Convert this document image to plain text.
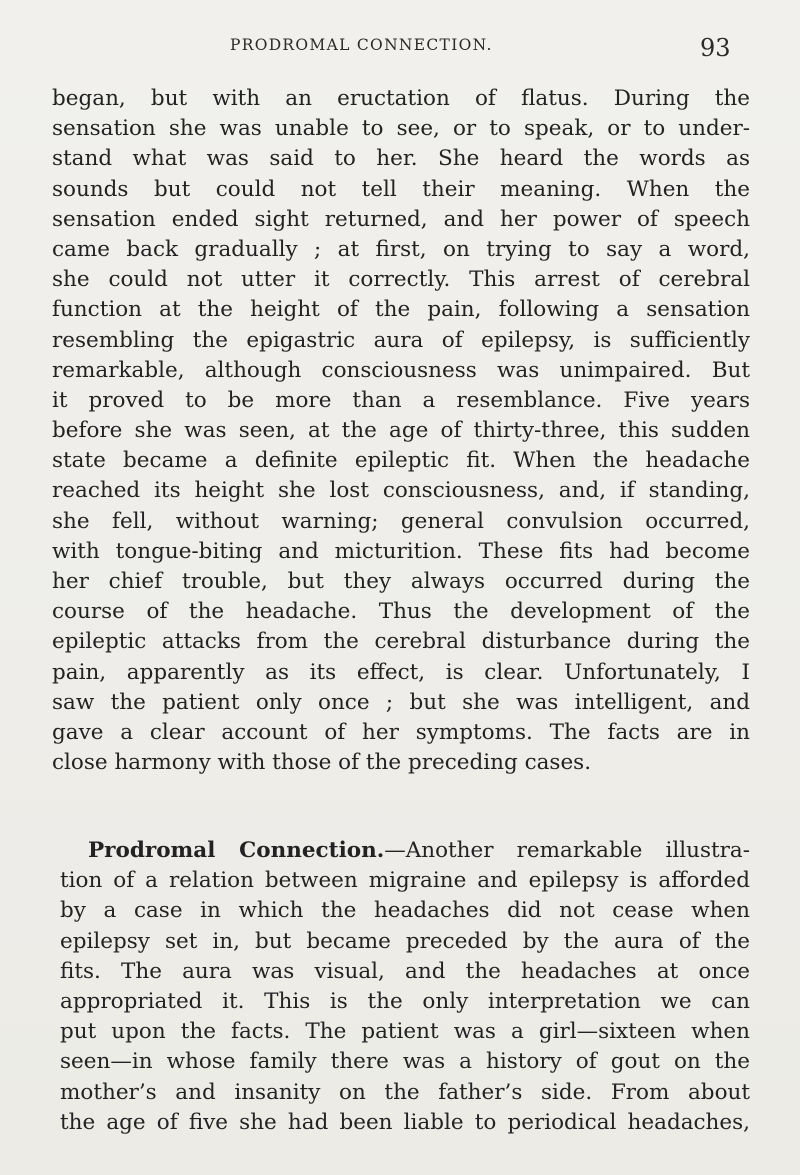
PRODROMAL CONNECTION.	93
began, but with an eructation of flatus. During the
sensation she was unable to see, or to speak, or to under-
stand what was said to her. She heard the words as
sounds but could not tell their meaning. When the
sensation ended sight returned, and her power of speech
came back gradually ; at first, on trying to say a word,
she could not utter it correctly. This arrest of cerebral
function at the height of the pain, following a sensation
resembling the epigastric aura of epilepsy, is sufficiently
remarkable, although consciousness was unimpaired. But
it proved to be more than a resemblance. Five years
before she was seen, at the age of thirty-three, this sudden
state became a definite epileptic fit. When the headache
reached its height she lost consciousness, and, if standing,
she fell, without warning; general convulsion occurred,
with tongue-biting and micturition. These fits had become
her chief trouble, but they always occurred during the
course of the headache. Thus the development of the
epileptic attacks from the cerebral disturbance during the
pain, apparently as its effect, is clear. Unfortunately, I
saw the patient only once ; but she was intelligent, and
gave a clear account of her symptoms. The facts are in
close harmony with those of the preceding cases.
Prodromal Connection.—Another remarkable illustra-
tion of a relation between migraine and epilepsy is afforded
by a case in which the headaches did not cease when
epilepsy set in, but became preceded by the aura of the
fits. The aura was visual, and the headaches at once
appropriated it. This is the only interpretation we can
put upon the facts. The patient was a girl—sixteen when
seen—in whose family there was a history of gout on the
mother’s and insanity on the father’s side. From about
the age of five she had been liable to periodical headaches,
